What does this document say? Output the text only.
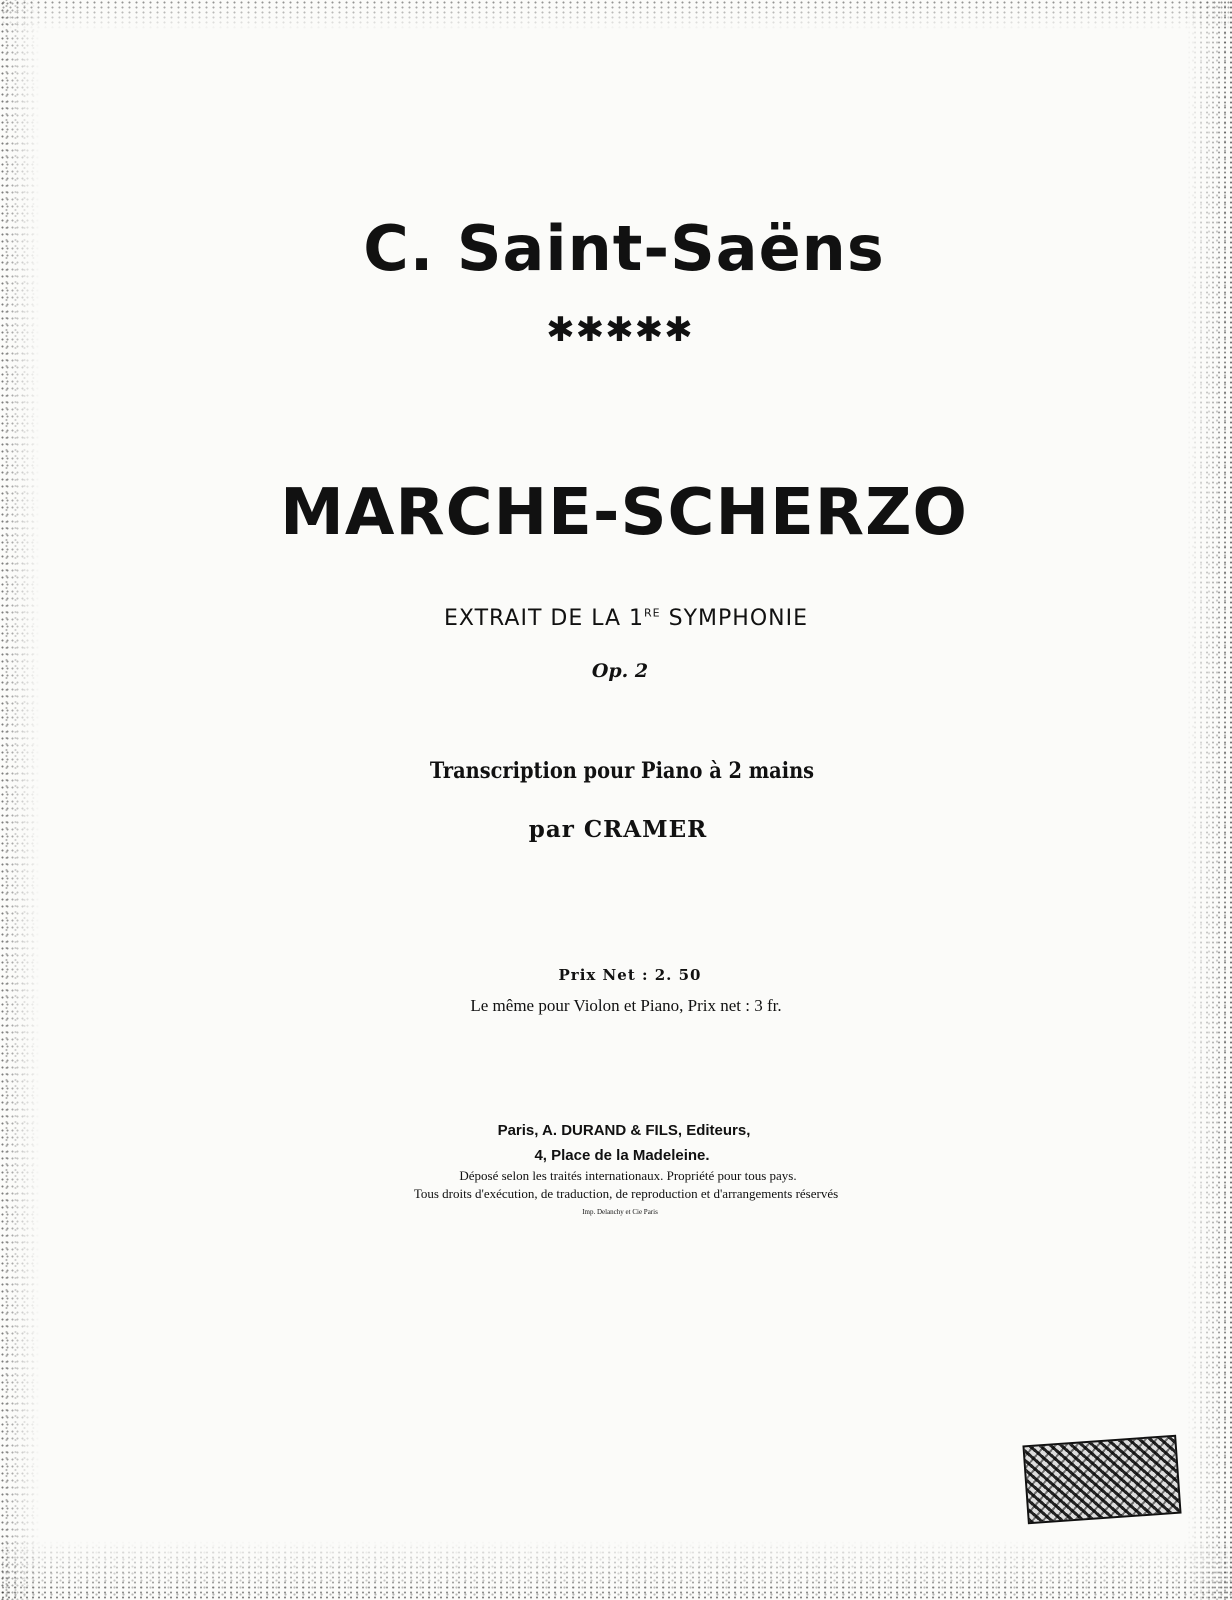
C. Saint-Saëns
✱✱✱✱✱
MARCHE-SCHERZO
EXTRAIT DE LA 1RE SYMPHONIE
Op. 2
Transcription pour Piano à 2 mains
par CRAMER
Prix Net : 2. 50
Le même pour Violon et Piano, Prix net : 3 fr.
Paris, A. DURAND & FILS, Editeurs,
4, Place de la Madeleine.
Déposé selon les traités internationaux. Propriété pour tous pays.
Tous droits d'exécution, de traduction, de reproduction et d'arrangements réservés
Imp. Delanchy et Cie Paris
